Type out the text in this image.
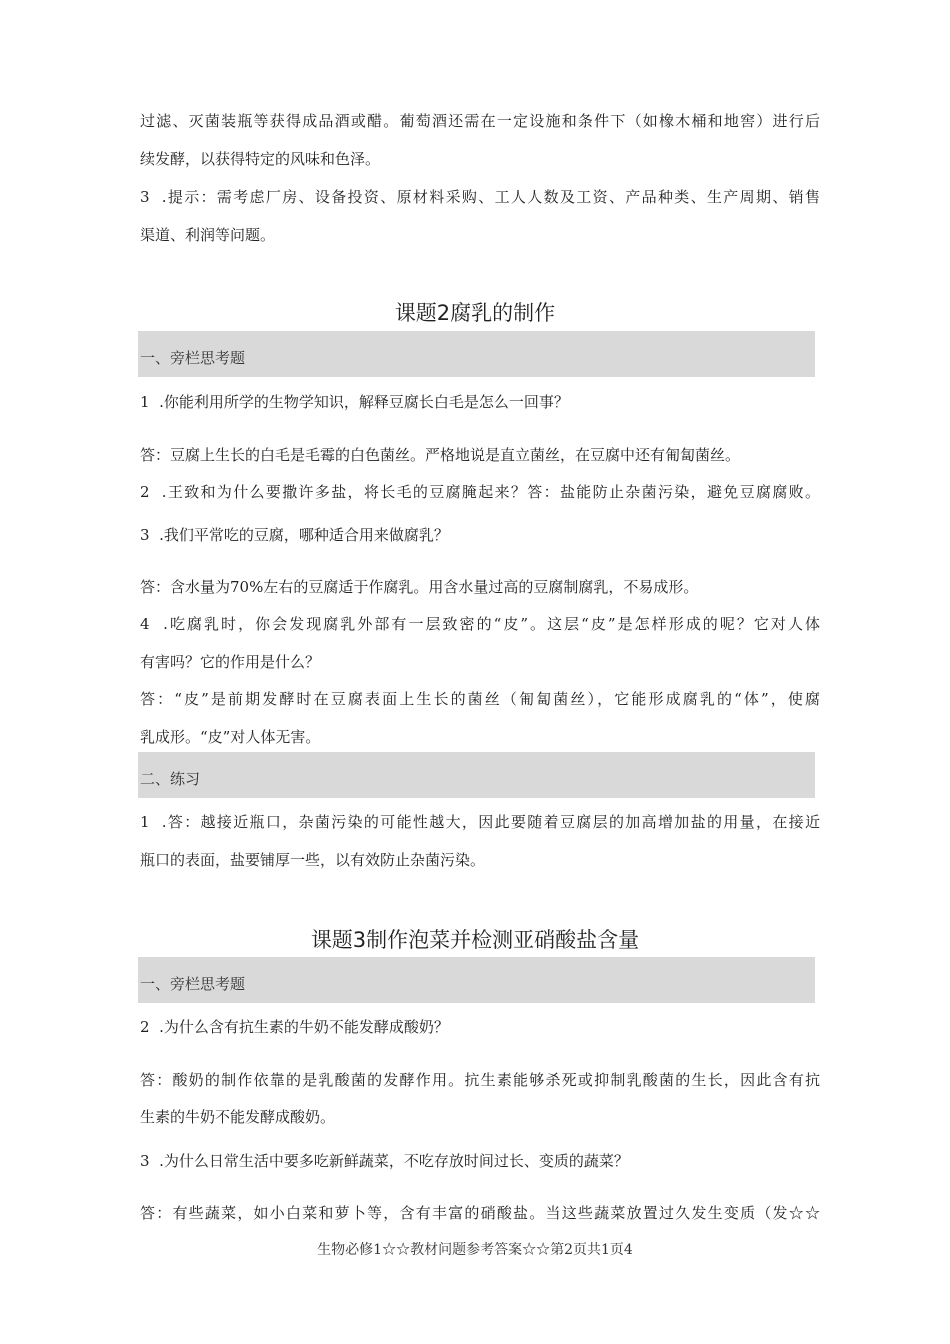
过滤、灭菌装瓶等获得成品酒或醋。葡萄酒还需在一定设施和条件下（如橡木桶和地窖）进行后
续发酵，以获得特定的风味和色泽。
3  .提示：需考虑厂房、设备投资、原材料采购、工人人数及工资、产品种类、生产周期、销售
渠道、利润等问题。
课题2腐乳的制作
一、旁栏思考题
1  .你能利用所学的生物学知识，解释豆腐长白毛是怎么一回事？
答：豆腐上生长的白毛是毛霉的白色菌丝。严格地说是直立菌丝，在豆腐中还有匍匐菌丝。
2  .王致和为什么要撒许多盐，将长毛的豆腐腌起来？答：盐能防止杂菌污染，避免豆腐腐败。
3  .我们平常吃的豆腐，哪种适合用来做腐乳？
答：含水量为70%左右的豆腐适于作腐乳。用含水量过高的豆腐制腐乳，不易成形。
4  .吃腐乳时，你会发现腐乳外部有一层致密的“皮”。这层“皮”是怎样形成的呢？它对人体
有害吗？它的作用是什么？
答：“皮”是前期发酵时在豆腐表面上生长的菌丝（匍匐菌丝），它能形成腐乳的“体”，使腐
乳成形。“皮”对人体无害。
二、练习
1  .答：越接近瓶口，杂菌污染的可能性越大，因此要随着豆腐层的加高增加盐的用量，在接近
瓶口的表面，盐要铺厚一些，以有效防止杂菌污染。
课题3制作泡菜并检测亚硝酸盐含量
一、旁栏思考题
2  .为什么含有抗生素的牛奶不能发酵成酸奶？
答：酸奶的制作依靠的是乳酸菌的发酵作用。抗生素能够杀死或抑制乳酸菌的生长，因此含有抗
生素的牛奶不能发酵成酸奶。
3  .为什么日常生活中要多吃新鲜蔬菜，不吃存放时间过长、变质的蔬菜？
答：有些蔬菜，如小白菜和萝卜等，含有丰富的硝酸盐。当这些蔬菜放置过久发生变质（发☆☆
生物必修1☆☆教材问题参考答案☆☆第2页共1页4
